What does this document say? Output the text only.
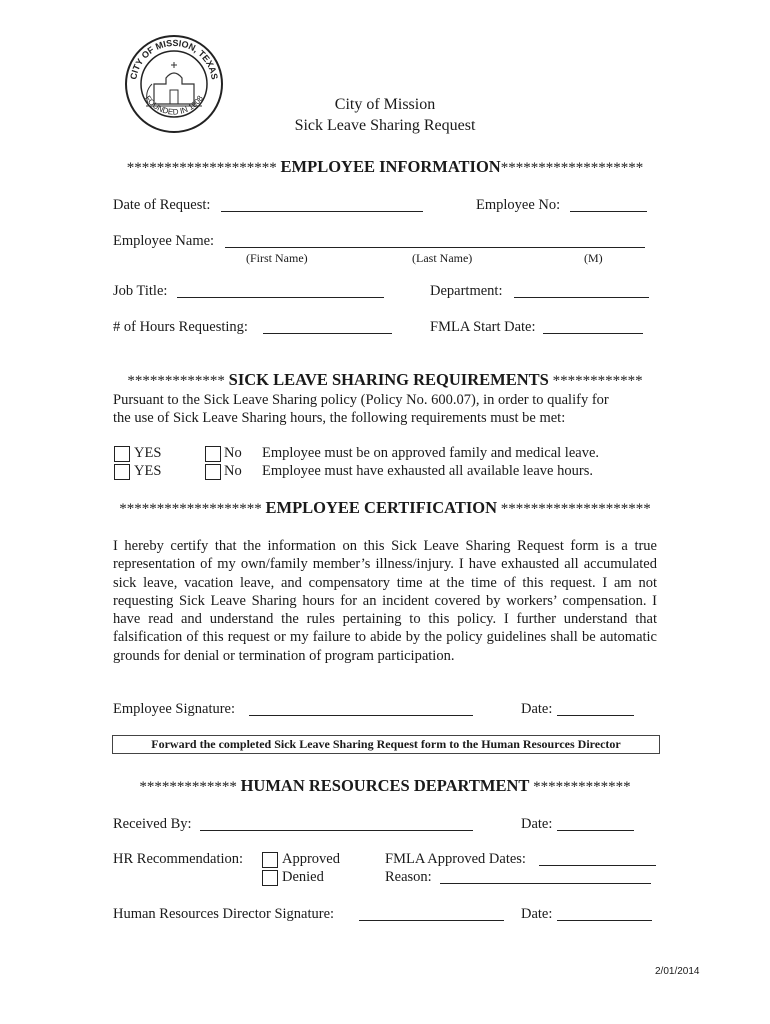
CITY OF MISSION, TEXAS
FOUNDED IN 1908	City of Mission
Sick Leave Sharing Request
******************** EMPLOYEE INFORMATION*******************
Date of Request:	Employee No:
Employee Name:
(First Name)	(Last Name)	(M)
Job Title:	Department:
# of Hours Requesting:	FMLA Start Date:
************* SICK LEAVE SHARING REQUIREMENTS ************
Pursuant to the Sick Leave Sharing policy (Policy No. 600.07), in order to qualify for
the use of Sick Leave Sharing hours, the following requirements must be met:
YES	No Employee must be on approved family and medical leave.
YES	No Employee must have exhausted all available leave hours.
******************* EMPLOYEE CERTIFICATION ********************
I hereby certify that the information on this Sick Leave Sharing Request form is a true representation of my own/family member’s illness/injury. I have exhausted all accumulated sick leave, vacation leave, and compensatory time at the time of this request. I am not requesting Sick Leave Sharing hours for an incident covered by workers’ compensation. I have read and understand the rules pertaining to this policy. I further understand that falsification of this request or my failure to abide by the policy guidelines shall be automatic grounds for denial or termination of program participation.
Employee Signature:	Date:
Forward the completed Sick Leave Sharing Request form to the Human Resources Director
************* HUMAN RESOURCES DEPARTMENT *************
Received By:	Date:
HR Recommendation:	Approved
Denied
FMLA Approved Dates:
Reason:
Human Resources Director Signature:	Date:
2/01/2014
